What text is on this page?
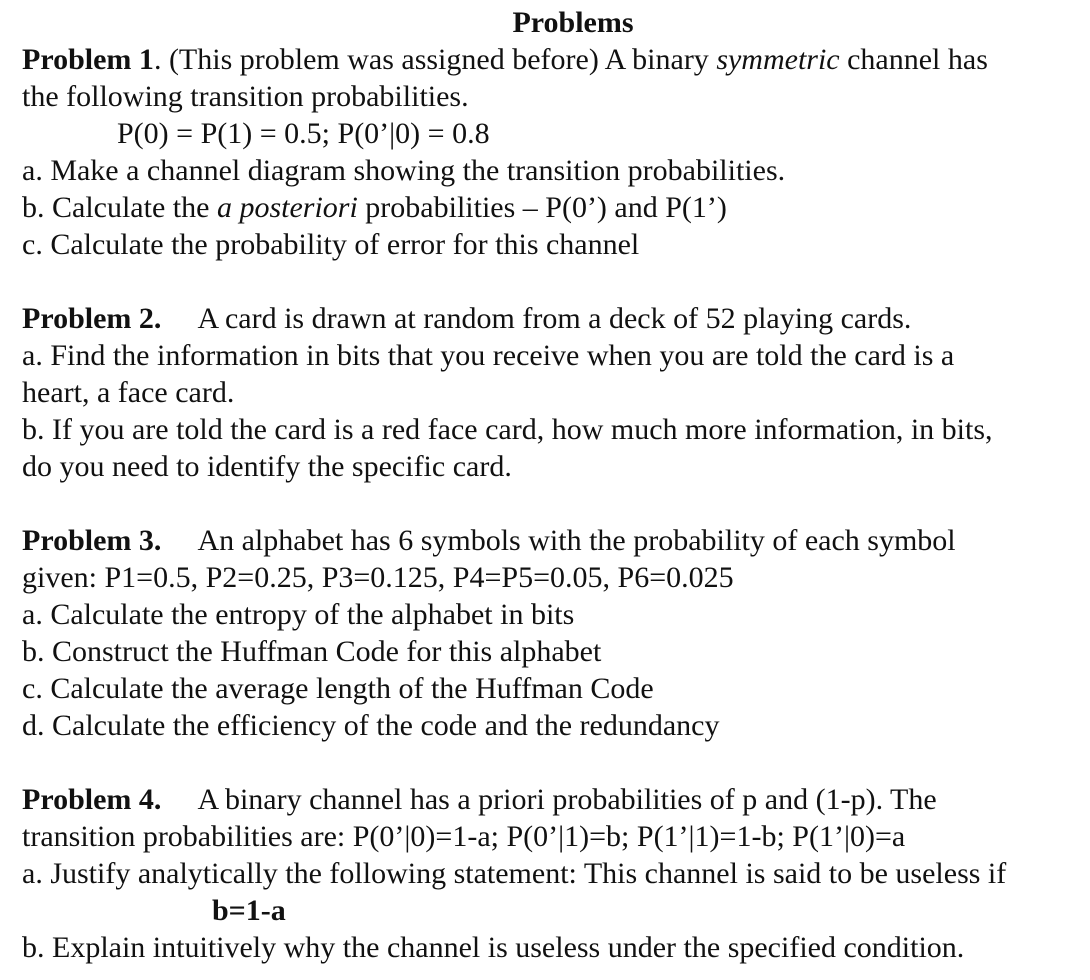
Problems
Problem 1. (This problem was assigned before) A binary symmetric channel has
the following transition probabilities.
P(0) = P(1) = 0.5; P(0’|0) = 0.8
a. Make a channel diagram showing the transition probabilities.
b. Calculate the a posteriori probabilities – P(0’) and P(1’)
c. Calculate the probability of error for this channel
Problem 2. A card is drawn at random from a deck of 52 playing cards.
a. Find the information in bits that you receive when you are told the card is a
heart, a face card.
b. If you are told the card is a red face card, how much more information, in bits,
do you need to identify the specific card.
Problem 3. An alphabet has 6 symbols with the probability of each symbol
given: P1=0.5, P2=0.25, P3=0.125, P4=P5=0.05, P6=0.025
a. Calculate the entropy of the alphabet in bits
b. Construct the Huffman Code for this alphabet
c. Calculate the average length of the Huffman Code
d. Calculate the efficiency of the code and the redundancy
Problem 4. A binary channel has a priori probabilities of p and (1-p). The
transition probabilities are: P(0’|0)=1-a; P(0’|1)=b; P(1’|1)=1-b; P(1’|0)=a
a. Justify analytically the following statement: This channel is said to be useless if
b=1-a
b. Explain intuitively why the channel is useless under the specified condition.
